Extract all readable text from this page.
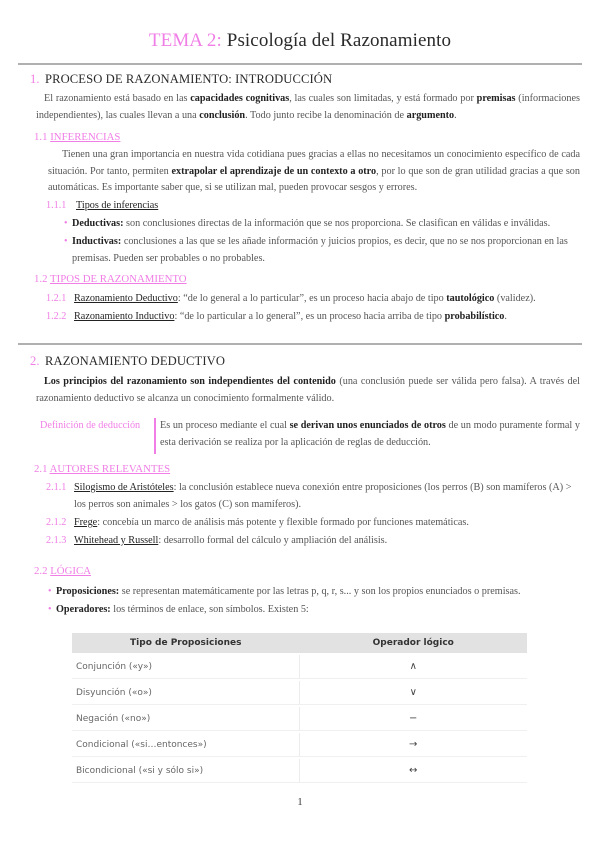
TEMA 2: Psicología del Razonamiento
1. PROCESO DE RAZONAMIENTO: INTRODUCCIÓN
El razonamiento está basado en las capacidades cognitivas, las cuales son limitadas, y está formado por premisas (informaciones independientes), las cuales llevan a una conclusión. Todo junto recibe la denominación de argumento.
1.1 INFERENCIAS
Tienen una gran importancia en nuestra vida cotidiana pues gracias a ellas no necesitamos un conocimiento específico de cada situación. Por tanto, permiten extrapolar el aprendizaje de un contexto a otro, por lo que son de gran utilidad gracias a que son automáticas. Es importante saber que, si se utilizan mal, pueden provocar sesgos y errores.
1.1.1 Tipos de inferencias
• Deductivas: son conclusiones directas de la información que se nos proporciona. Se clasifican en válidas e inválidas.
• Inductivas: conclusiones a las que se les añade información y juicios propios, es decir, que no se nos proporcionan en las premisas. Pueden ser probables o no probables.
1.2 TIPOS DE RAZONAMIENTO
1.2.1 Razonamiento Deductivo: “de lo general a lo particular”, es un proceso hacia abajo de tipo tautológico (validez).
1.2.2 Razonamiento Inductivo: “de lo particular a lo general”, es un proceso hacia arriba de tipo probabilístico.
2. RAZONAMIENTO DEDUCTIVO
Los principios del razonamiento son independientes del contenido (una conclusión puede ser válida pero falsa). A través del razonamiento deductivo se alcanza un conocimiento formalmente válido.
Definición de deducción Es un proceso mediante el cual se derivan unos enunciados de otros de un modo puramente formal y esta derivación se realiza por la aplicación de reglas de deducción.
2.1 AUTORES RELEVANTES
2.1.1 Silogismo de Aristóteles: la conclusión establece nueva conexión entre proposiciones (los perros (B) son mamíferos (A) > los perros son animales > los gatos (C) son mamíferos).
2.1.2 Frege: concebía un marco de análisis más potente y flexible formado por funciones matemáticas.
2.1.3 Whitehead y Russell: desarrollo formal del cálculo y ampliación del análisis.
2.2 LÓGICA
• Proposiciones: se representan matemáticamente por las letras p, q, r, s... y son los propios enunciados o premisas.
• Operadores: los términos de enlace, son símbolos. Existen 5:
Tipo de Proposiciones	Operador lógico
Conjunción («y»)	∧
Disyunción («o»)	∨
Negación («no»)	−
Condicional («si…entonces»)	→
Bicondicional («si y sólo si»)	↔
1
